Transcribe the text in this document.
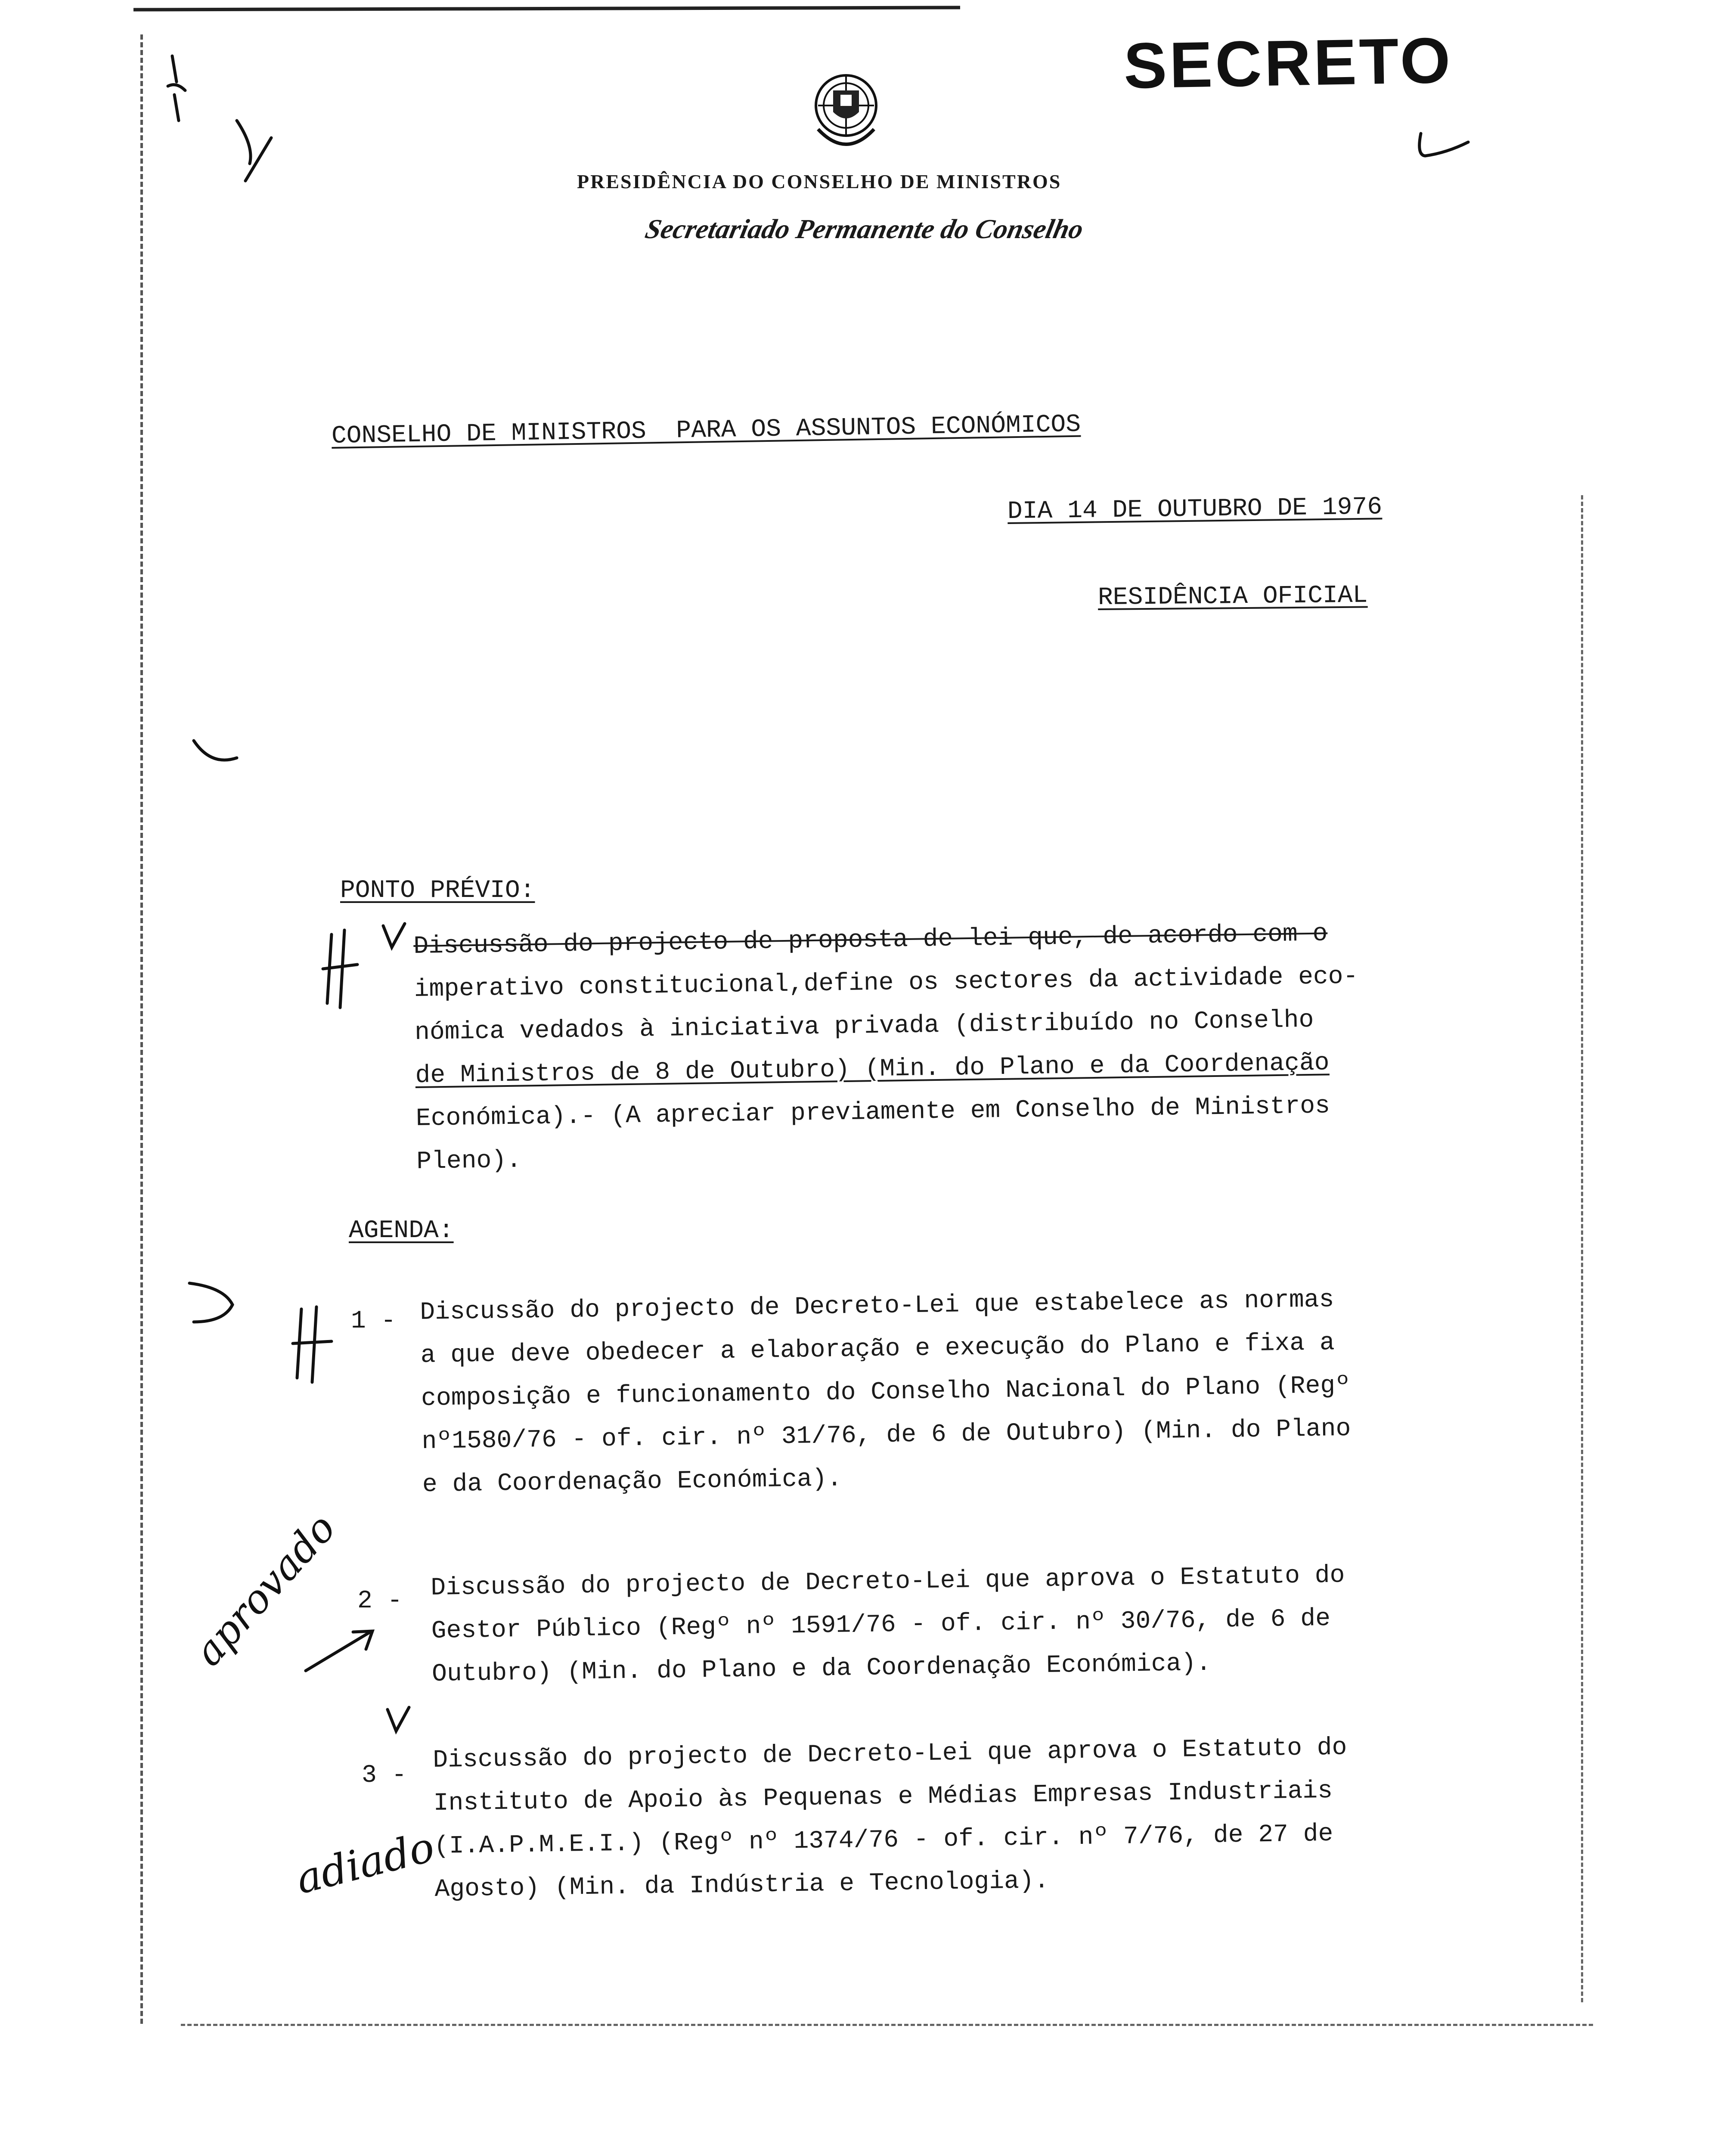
SECRETO
PRESIDÊNCIA DO CONSELHO DE MINISTROS
Secretariado Permanente do Conselho
CONSELHO DE MINISTROS  PARA OS ASSUNTOS ECONÓMICOS
DIA 14 DE OUTUBRO DE 1976
RESIDÊNCIA OFICIAL
PONTO PRÉVIO:
Discussão do projecto de proposta de lei que, de acordo com o
imperativo constitucional,define os sectores da actividade eco-
nómica vedados à iniciativa privada (distribuído no Conselho
de Ministros de 8 de Outubro) (Min. do Plano e da Coordenação
Económica).- (A apreciar previamente em Conselho de Ministros
Pleno).
AGENDA:
1 - Discussão do projecto de Decreto-Lei que estabelece as normas
a que deve obedecer a elaboração e execução do Plano e fixa a
composição e funcionamento do Conselho Nacional do Plano (Regº
nº1580/76 - of. cir. nº 31/76, de 6 de Outubro) (Min. do Plano
e da Coordenação Económica).
2 - Discussão do projecto de Decreto-Lei que aprova o Estatuto do
Gestor Público (Regº nº 1591/76 - of. cir. nº 30/76, de 6 de
Outubro) (Min. do Plano e da Coordenação Económica).
aprovado
3 -
Discussão do projecto de Decreto-Lei que aprova o Estatuto do
Instituto de Apoio às Pequenas e Médias Empresas Industriais
(I.A.P.M.E.I.) (Regº nº 1374/76 - of. cir. nº 7/76, de 27 de
Agosto) (Min. da Indústria e Tecnologia).
adiado
